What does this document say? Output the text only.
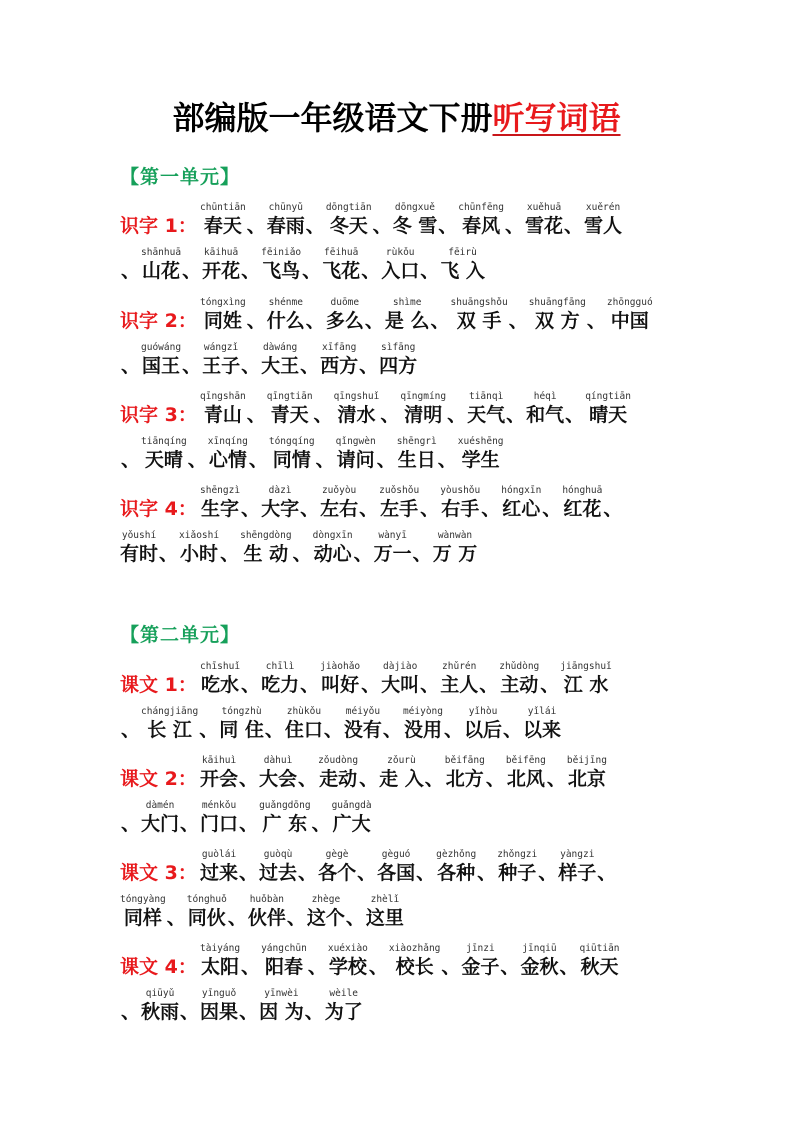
部编版一年级语文下册听写词语
【第一单元】
识字 1：
chūntiān
春天 、
chūnyǔ
春雨 、
dōngtiān
冬天 、
dōngxuě
冬 雪 、
chūnfēng
春风 、
xuěhuā
雪花 、
xuěrén
雪人
、
shānhuā
山花 、
kāihuā
开花 、
fēiniǎo
飞鸟 、
fēihuā
飞花 、
rùkǒu
入口 、
fēirù
飞 入
识字 2：
tóngxìng
同姓 、
shénme
什么 、
duōme
多么 、
shìme
是 么 、
shuāngshǒu
双 手 、
shuāngfāng
双 方 、
zhōngguó
中国
、
guówáng
国王 、
wángzǐ
王子 、
dàwáng
大王 、
xīfāng
西方 、
sìfāng
四方
识字 3：
qīngshān
青山 、
qīngtiān
青天 、
qīngshuǐ
清水 、
qīngmíng
清明 、
tiānqì
天气 、
héqì
和气 、
qíngtiān
晴天
、
tiānqíng
天晴 、
xīnqíng
心情 、
tóngqíng
同情 、
qǐngwèn
请问 、
shēngrì
生日 、
xuéshēng
学生
识字 4：
shēngzì
生字 、
dàzì
大字 、
zuǒyòu
左右 、
zuǒshǒu
左手 、
yòushǒu
右手 、
hóngxīn
红心 、
hónghuā
红花 、
yǒushí
有时 、
xiǎoshí
小时 、
shēngdòng
生 动 、
dòngxīn
动心 、
wànyī
万一 、
wànwàn
万 万
【第二单元】
课文 1：
chīshuǐ
吃水 、
chīlì
吃力 、
jiàohǎo
叫好 、
dàjiào
大叫 、
zhǔrén
主人 、
zhǔdòng
主动 、
jiāngshuǐ
江 水
、
chángjiāng
长 江 、
tóngzhù
同 住 、
zhùkǒu
住口 、
méiyǒu
没有 、
méiyòng
没用 、
yǐhòu
以后 、
yǐlái
以来
课文 2：
kāihuì
开会 、
dàhuì
大会 、
zǒudòng
走动 、
zǒurù
走 入 、
běifāng
北方 、
běifēng
北风 、
běijīng
北京
、
dàmén
大门 、
ménkǒu
门口 、
guǎngdōng
广 东 、
guǎngdà
广大
课文 3：
guòlái
过来 、
guòqù
过去 、
gègè
各个 、
gèguó
各国 、
gèzhǒng
各种 、
zhǒngzi
种子 、
yàngzi
样子 、
tóngyàng
同样 、
tónghuǒ
同伙 、
huǒbàn
伙伴 、
zhège
这个 、
zhèlǐ
这里
课文 4：
tàiyáng
太阳 、
yángchūn
阳春 、
xuéxiào
学校 、
xiàozhǎng
校长 、
jīnzi
金子 、
jīnqiū
金秋 、
qiūtiān
秋天
、
qiūyǔ
秋雨 、
yīnguǒ
因果 、
yīnwèi
因 为 、
wèile
为了
